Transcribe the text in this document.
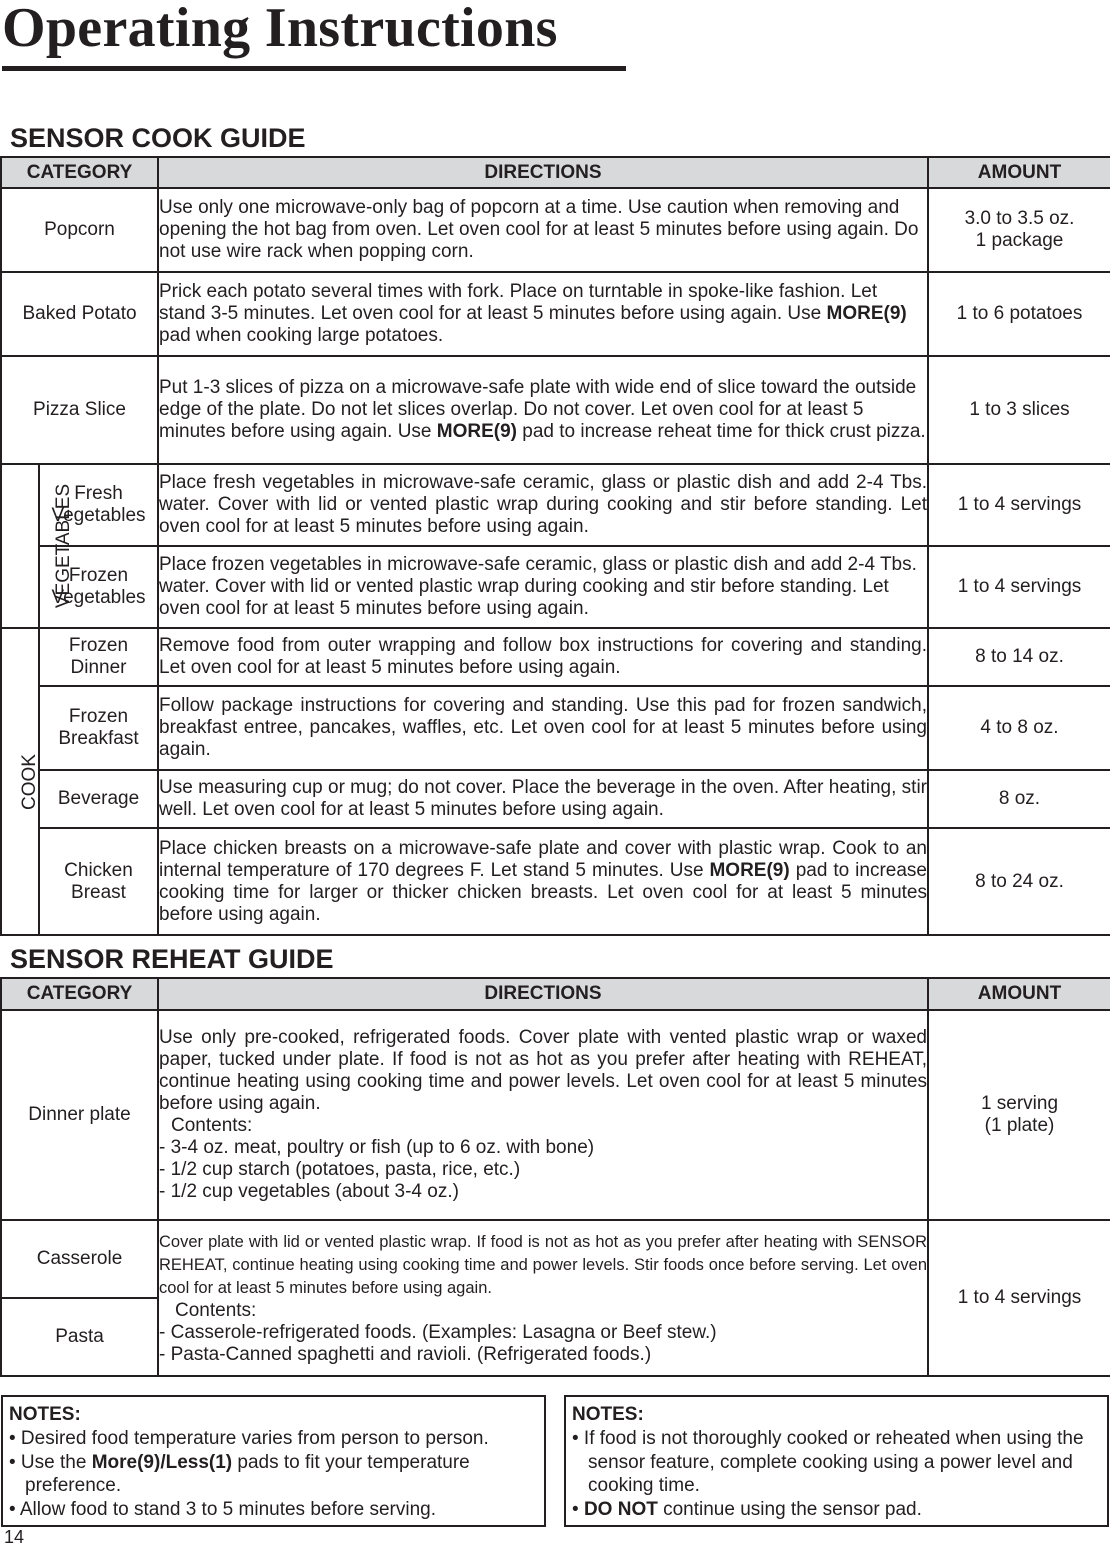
Operating Instructions
SENSOR COOK GUIDE
CATEGORY		DIRECTIONS	AMOUNT
Popcorn		Use only one microwave-only bag of popcorn at a time. Use caution when removing and opening the hot bag from oven. Let oven cool for at least 5 minutes before using again. Do not use wire rack when popping corn.	3.0 to 3.5 oz.
1 package

Baked Potato		Prick each potato several times with fork. Place on turntable in spoke-like fashion. Let stand 3-5 minutes. Let oven cool for at least 5 minutes before using again. Use MORE(9) pad when cooking large potatoes.	1 to 6 potatoes
Pizza Slice		Put 1-3 slices of pizza on a microwave-safe plate with wide end of slice toward the outside edge of the plate. Do not let slices overlap. Do not cover. Let oven cool for at least 5 minutes before using again. Use MORE(9) pad to increase reheat time for thick crust pizza.	1 to 3 slices
VEGETABLES	Fresh
Vegetables	Place fresh vegetables in microwave-safe ceramic, glass or plastic dish and add 2-4 Tbs. water. Cover with lid or vented plastic wrap during cooking and stir before standing. Let oven cool for at least 5 minutes before using again.	1 to 4 servings

	Frozen
Vegetables	Place frozen vegetables in microwave-safe ceramic, glass or plastic dish and add 2-4 Tbs. water. Cover with lid or vented plastic wrap during cooking and stir before standing. Let oven cool for at least 5 minutes before using again.	1 to 4 servings
COOK	Frozen
Dinner	Remove food from outer wrapping and follow box instructions for covering and standing. Let oven cool for at least 5 minutes before using again.	8 to 14 oz.

	Frozen
Breakfast	Follow package instructions for covering and standing. Use this pad for frozen sandwich, breakfast entree, pancakes, waffles, etc. Let oven cool for at least 5 minutes before using again.	4 to 8 oz.
	Beverage	Use measuring cup or mug; do not cover. Place the beverage in the oven. After heating, stir well. Let oven cool for at least 5 minutes before using again.	8 oz.

	Chicken
Breast	Place chicken breasts on a microwave-safe plate and cover with plastic wrap. Cook to an internal temperature of 170 degrees F. Let stand 5 minutes. Use MORE(9) pad to increase cooking time for larger or thicker chicken breasts. Let oven cool for at least 5 minutes before using again.	8 to 24 oz.
SENSOR REHEAT GUIDE
CATEGORY	DIRECTIONS	AMOUNT
Dinner plate	Use only pre-cooked, refrigerated foods. Cover plate with vented plastic wrap or waxed paper, tucked under plate. If food is not as hot as you prefer after heating with REHEAT, continue heating using cooking time and power levels. Let oven cool for at least 5 minutes before using again.
Contents:
- 3-4 oz. meat, poultry or fish (up to 6 oz. with bone)
- 1/2 cup starch (potatoes, pasta, rice, etc.)
- 1/2 cup vegetables (about 3-4 oz.)	1 serving
(1 plate)

Casserole	Cover plate with lid or vented plastic wrap. If food is not as hot as you prefer after heating with SENSOR REHEAT, continue heating using cooking time and power levels. Stir foods once before serving. Let oven cool for at least 5 minutes before using again.
Contents:
- Casserole-refrigerated foods. (Examples: Lasagna or Beef stew.)
- Pasta-Canned spaghetti and ravioli. (Refrigerated foods.)	1 to 4 servings
Pasta		
NOTES:
• Desired food temperature varies from person to person.
• Use the More(9)/Less(1) pads to fit your temperature preference.
• Allow food to stand 3 to 5 minutes before serving.
NOTES:
• If food is not thoroughly cooked or reheated when using the sensor feature, complete cooking using a power level and cooking time.
• DO NOT continue using the sensor pad.

14
